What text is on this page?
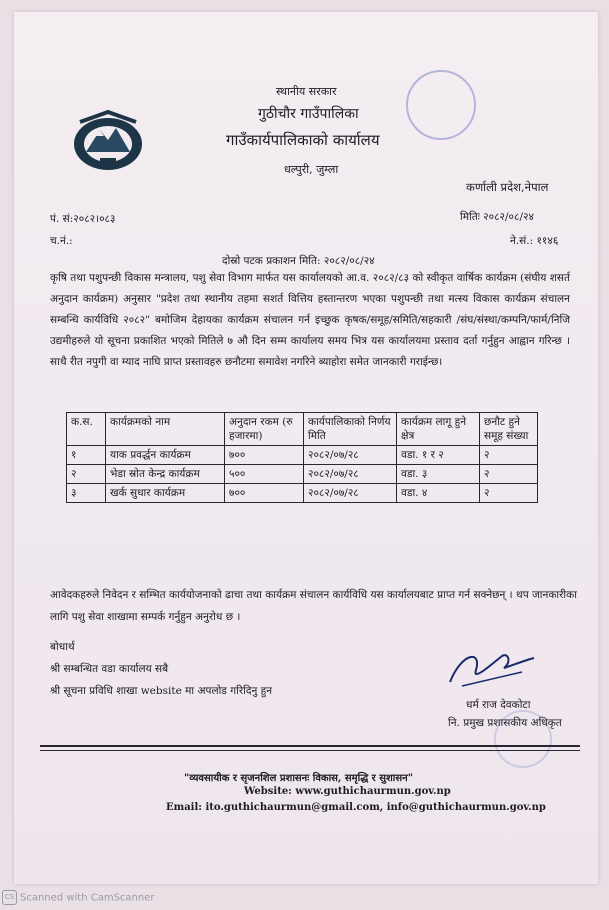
स्थानीय सरकार
गुठीचौर गाउँपालिका
गाउँकार्यपालिकाको कार्यालय
धल्पुरी, जुम्ला
कर्णाली प्रदेश,नेपाल
पं. सं:२०८२।०८३
च.नं.:
मितिः २०८२/०८/२४
ने.सं.: ११४६
दोस्रो पटक प्रकाशन मिति: २०८२/०८/२४
कृषि तथा पशुपन्छी विकास मन्त्रालय, पशु सेवा विभाग मार्फत यस कार्यालयको आ.व. २०८२/८३ को स्वीकृत वार्षिक कार्यक्रम (संघीय शसर्त अनुदान कार्यक्रम) अनुसार "प्रदेश तथा स्थानीय तहमा सशर्त वित्तिय हस्तान्तरण भएका पशुपन्छी तथा मत्स्य विकास कार्यक्रम संचालन सम्बन्धि कार्यविधि २०८२" बमोजिम देहायका कार्यक्रम संचालन गर्न इच्छुक कृषक/समूह/समिति/सहकारी /संघ/संस्था/कम्पनि/फार्म/निजि उद्यमीहरुले यो सूचना प्रकाशित भएको मितिले ७ औ दिन सम्म कार्यालय समय भित्र यस कार्यालयमा प्रस्ताव दर्ता गर्नुहुन आह्वान गरिन्छ । साथै रीत नपुगी वा म्याद नाघि प्राप्त प्रस्तावहरु छनौटमा समावेश नगरिने ब्याहोरा समेत जानकारी गराईन्छ।
क.स.	कार्यक्रमको नाम	अनुदान रकम (रु हजारमा)	कार्यपालिकाको निर्णय मिति	कार्यक्रम लागू हुने क्षेत्र	छनौट हुने समूह संख्या
१	याक प्रवर्द्धन कार्यक्रम	७००	२०८२/०७/२८	वडा. १ र २	२
२	भेडा स्रोत केन्द्र कार्यक्रम	५००	२०८२/०७/२८	वडा. ३	२
३	खर्क सुधार कार्यक्रम	७००	२०८२/०७/२८	वडा. ४	२
आवेदकहरुले निवेदन र सम्भित कार्ययोजनाको ढाचा तथा कार्यक्रम संचालन कार्यविधि यस कार्यालयबाट प्राप्त गर्न सक्नेछन् । थप जानकारीका लागि पशु सेवा शाखामा सम्पर्क गर्नुहुन अनुरोध छ ।
बोधार्थ
श्री सम्बन्धित वडा कार्यालय सबै
श्री सूचना प्रविधि शाखा website मा अपलोड गरिदिनु हुन
धर्म राज देवकोटा
नि. प्रमुख प्रशासकीय अधिकृत
"व्यवसायीक र सृजनशिल प्रशासनः विकास, समृद्धि र सुशासन"
Website: www.guthichaurmun.gov.np
Email: ito.guthichaurmun@gmail.com, info@guthichaurmun.gov.np
CS Scanned with CamScanner
